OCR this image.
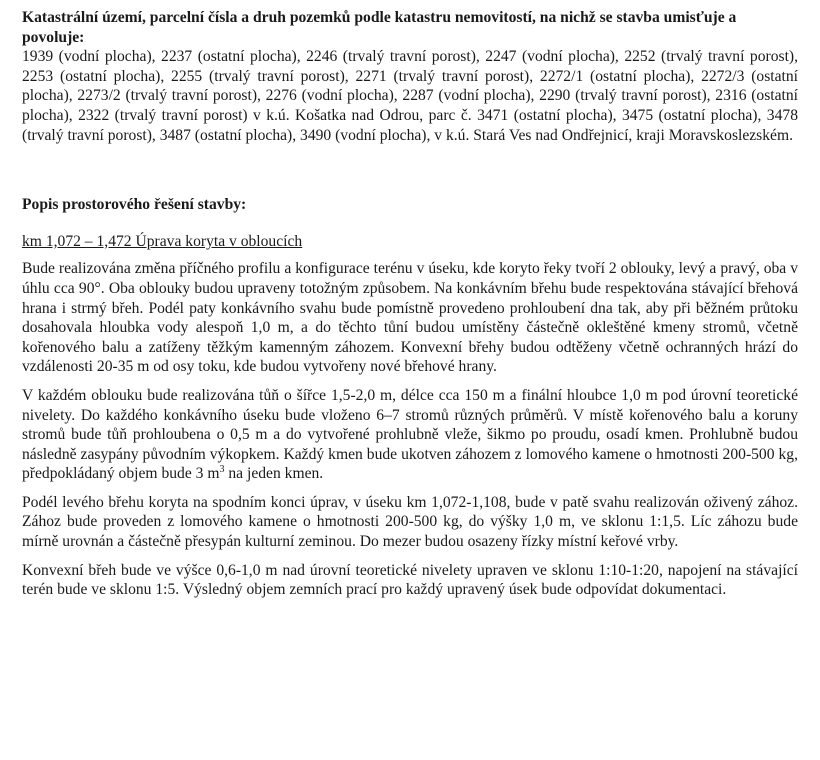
Katastrální území, parcelní čísla a druh pozemků podle katastru nemovitostí, na nichž se stavba umisťuje a povoluje:

1939 (vodní plocha), 2237 (ostatní plocha), 2246 (trvalý travní porost), 2247 (vodní plocha), 2252 (trvalý travní porost), 2253 (ostatní plocha), 2255 (trvalý travní porost), 2271 (trvalý travní porost), 2272/1 (ostatní plocha), 2272/3 (ostatní plocha), 2273/2 (trvalý travní porost), 2276 (vodní plocha), 2287 (vodní plocha), 2290 (trvalý travní porost), 2316 (ostatní plocha), 2322 (trvalý travní porost) v k.ú. Košatka nad Odrou, parc č. 3471 (ostatní plocha), 3475 (ostatní plocha), 3478 (trvalý travní porost), 3487 (ostatní plocha), 3490 (vodní plocha), v k.ú. Stará Ves nad Ondřejnicí, kraji Moravskoslezském.

Popis prostorového řešení stavby:

km 1,072 – 1,472 Úprava koryta v obloucích

Bude realizována změna příčného profilu a konfigurace terénu v úseku, kde koryto řeky tvoří 2 oblouky, levý a pravý, oba v úhlu cca 90°. Oba oblouky budou upraveny totožným způsobem. Na konkávním břehu bude respektována stávající břehová hrana i strmý břeh. Podél paty konkávního svahu bude pomístně provedeno prohloubení dna tak, aby při běžném průtoku dosahovala hloubka vody alespoň 1,0 m, a do těchto tůní budou umístěny částečně okleštěné kmeny stromů, včetně kořenového balu a zatíženy těžkým kamenným záhozem. Konvexní břehy budou odtěženy včetně ochranných hrází do vzdálenosti 20-35 m od osy toku, kde budou vytvořeny nové břehové hrany.

V každém oblouku bude realizována tůň o šířce 1,5-2,0 m, délce cca 150 m a finální hloubce 1,0 m pod úrovní teoretické nivelety. Do každého konkávního úseku bude vloženo 6–7 stromů různých průměrů. V místě kořenového balu a koruny stromů bude tůň prohloubena o 0,5 m a do vytvořené prohlubně vleže, šikmo po proudu, osadí kmen. Prohlubně budou následně zasypány původním výkopkem. Každý kmen bude ukotven záhozem z lomového kamene o hmotnosti 200-500 kg, předpokládaný objem bude 3 $m^3$ na jeden kmen.

Podél levého břehu koryta na spodním konci úprav, v úseku km 1,072-1,108, bude v patě svahu realizován oživený zához. Zához bude proveden z lomového kamene o hmotnosti 200-500 kg, do výšky 1,0 m, ve sklonu 1:1,5. Líc záhozu bude mírně urovnán a částečně přesypán kulturní zeminou. Do mezer budou osazeny řízky místní keřové vrby.

Konvexní břeh bude ve výšce 0,6-1,0 m nad úrovní teoretické nivelety upraven ve sklonu 1:10-1:20, napojení na stávající terén bude ve sklonu 1:5. Výsledný objem zemních prací pro každý upravený úsek bude odpovídat dokumentaci.
